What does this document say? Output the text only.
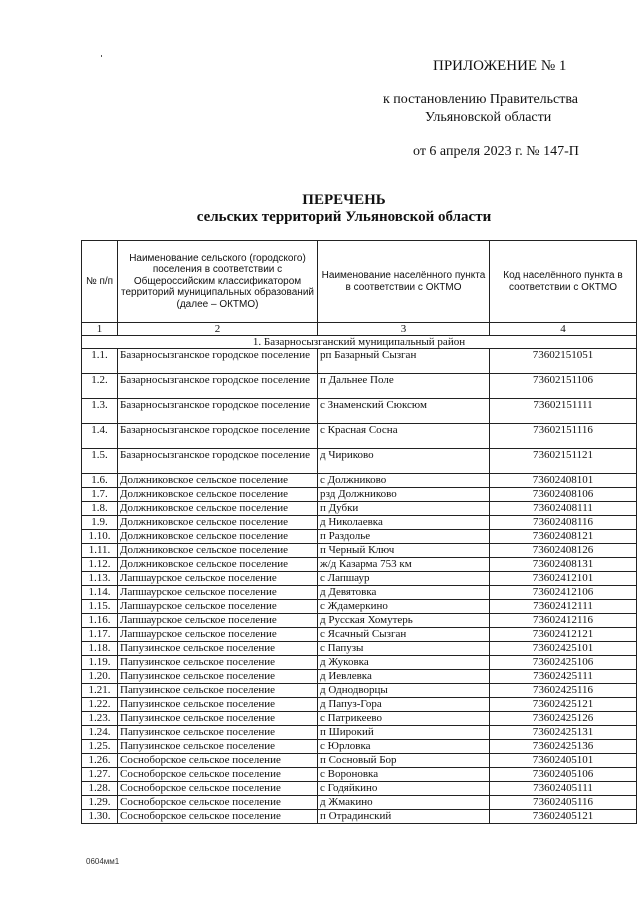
ПРИЛОЖЕНИЕ № 1
к постановлению Правительства
Ульяновской области
от 6 апреля 2023 г. № 147-П
ПЕРЕЧЕНЬ
сельских территорий Ульяновской области
№ п/п	Наименование сельского (городского) поселения в соответствии с Общероссийским классификатором территорий муниципальных образований (далее – ОКТМО)	Наименование населённого пункта в соответствии с ОКТМО	Код населённого пункта в соответствии с ОКТМО
1	2	3	4
1. Базарносызганский муниципальный район			
1.1.	Базарносызганское городское поселение	рп Базарный Сызган	73602151051
1.2.	Базарносызганское городское поселение	п Дальнее Поле	73602151106
1.3.	Базарносызганское городское поселение	с Знаменский Сюксюм	73602151111
1.4.	Базарносызганское городское поселение	с Красная Сосна	73602151116
1.5.	Базарносызганское городское поселение	д Чириково	73602151121
1.6.	Должниковское сельское поселение	с Должниково	73602408101
1.7.	Должниковское сельское поселение	рзд Должниково	73602408106
1.8.	Должниковское сельское поселение	п Дубки	73602408111
1.9.	Должниковское сельское поселение	д Николаевка	73602408116
1.10.	Должниковское сельское поселение	п Раздолье	73602408121
1.11.	Должниковское сельское поселение	п Черный Ключ	73602408126
1.12.	Должниковское сельское поселение	ж/д Казарма 753 км	73602408131
1.13.	Лапшаурское сельское поселение	с Лапшаур	73602412101
1.14.	Лапшаурское сельское поселение	д Девятовка	73602412106
1.15.	Лапшаурское сельское поселение	с Ждамеркино	73602412111
1.16.	Лапшаурское сельское поселение	д Русская Хомутерь	73602412116
1.17.	Лапшаурское сельское поселение	с Ясачный Сызган	73602412121
1.18.	Папузинское сельское поселение	с Папузы	73602425101
1.19.	Папузинское сельское поселение	д Жуковка	73602425106
1.20.	Папузинское сельское поселение	д Иевлевка	73602425111
1.21.	Папузинское сельское поселение	д Однодворцы	73602425116
1.22.	Папузинское сельское поселение	д Папуз-Гора	73602425121
1.23.	Папузинское сельское поселение	с Патрикеево	73602425126
1.24.	Папузинское сельское поселение	п Широкий	73602425131
1.25.	Папузинское сельское поселение	с Юрловка	73602425136
1.26.	Сосноборское сельское поселение	п Сосновый Бор	73602405101
1.27.	Сосноборское сельское поселение	с Вороновка	73602405106
1.28.	Сосноборское сельское поселение	с Годяйкино	73602405111
1.29.	Сосноборское сельское поселение	д Жмакино	73602405116
1.30.	Сосноборское сельское поселение	п Отрадинский	73602405121
0604мм1
